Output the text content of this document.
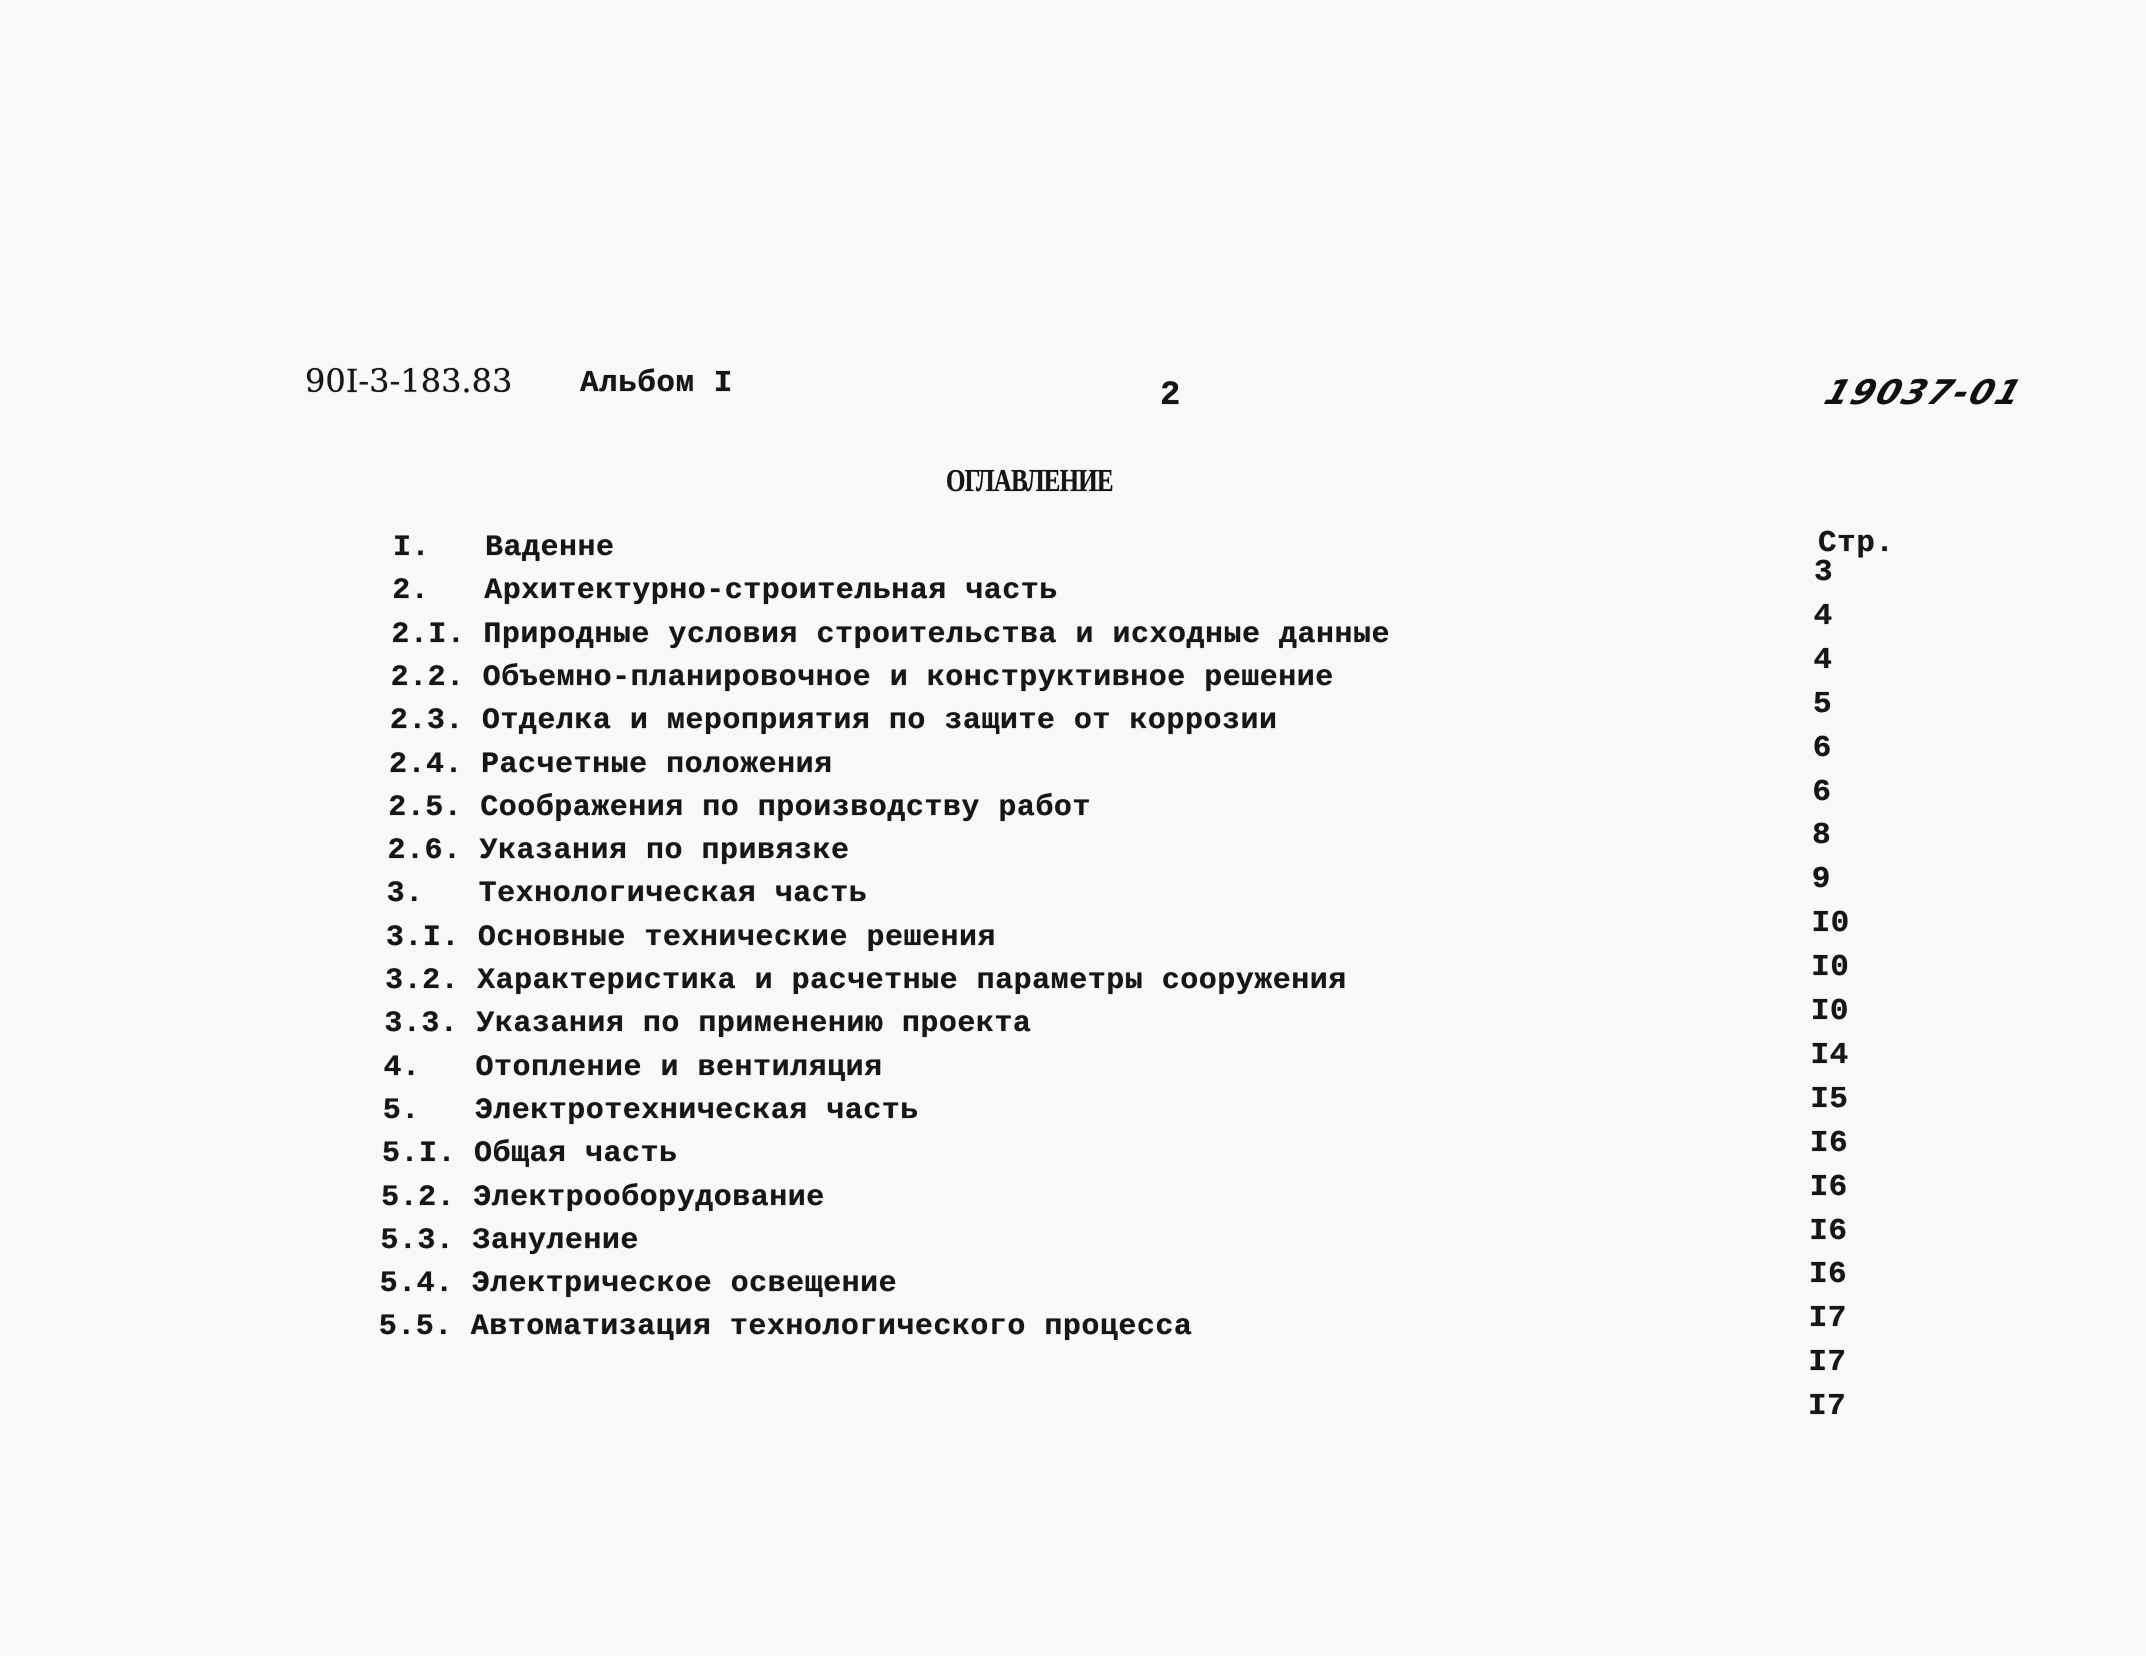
90I-3-183.83 Альбом I	2	19037-01
ОГЛАВЛЕНИЕ
Стр.
I. Ваденне
3
2. Архитектурно-строительная часть
4
2.I. Природные условия строительства и исходные данные
4
2.2. Объемно-планировочное и конструктивное решение
5
2.3. Отделка и мероприятия по защите от коррозии
6
2.4. Расчетные положения
6
2.5. Соображения по производству работ
8
2.6. Указания по привязке
9
3. Технологическая часть
I0
3.I. Основные технические решения
I0
3.2. Характеристика и расчетные параметры сооружения
I0
3.3. Указания по применению проекта
I4
4. Отопление и вентиляция
I5
5. Электротехническая часть
I6
5.I. Общая часть
I6
5.2. Электрооборудование
I6
5.3. Зануление
I6
5.4. Электрическое освещение
I7
5.5. Автоматизация технологического процесса
I7
I7
